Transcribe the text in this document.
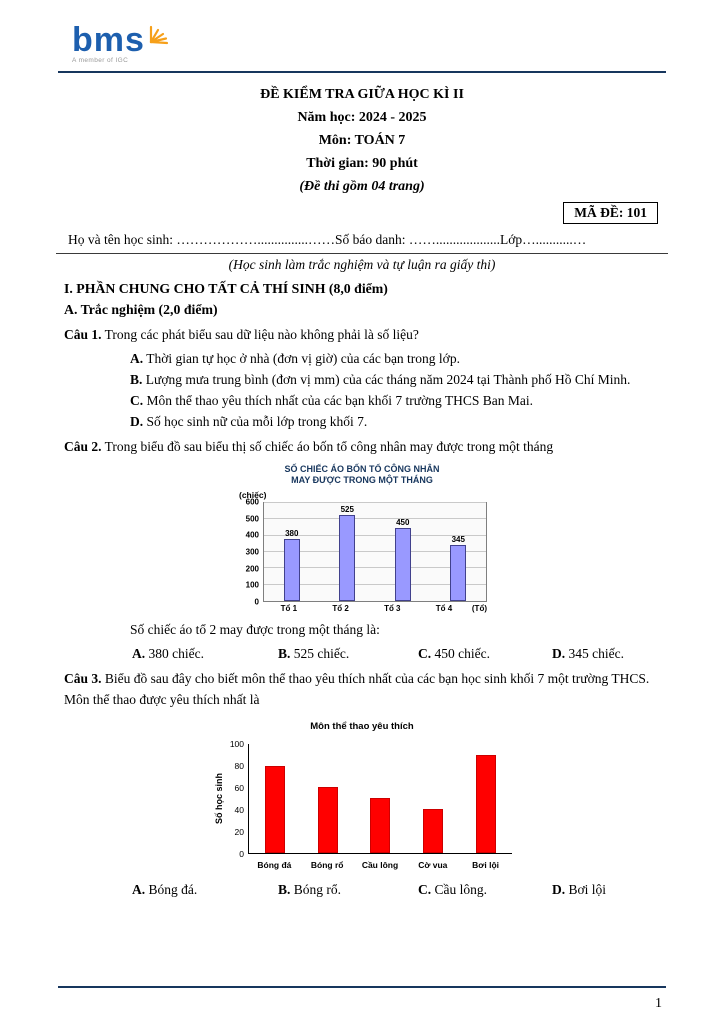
bms
A member of IGC
ĐỀ KIỂM TRA GIỮA HỌC KÌ II
Năm học: 2024 - 2025
Môn: TOÁN 7
Thời gian: 90 phút
(Đề thi gồm 04 trang)
MÃ ĐỀ: 101
Họ và tên học sinh: ………………...............……Số báo danh: ……...................Lớp…...........…
(Học sinh làm trắc nghiệm và tự luận ra giấy thi)
I. PHẦN CHUNG CHO TẤT CẢ THÍ SINH (8,0 điểm)
A. Trắc nghiệm (2,0 điểm)
Câu 1. Trong các phát biểu sau dữ liệu nào không phải là số liệu?
A. Thời gian tự học ở nhà (đơn vị giờ) của các bạn trong lớp.
B. Lượng mưa trung bình (đơn vị mm) của các tháng năm 2024 tại Thành phố Hồ Chí Minh.
C. Môn thể thao yêu thích nhất của các bạn khối 7 trường THCS Ban Mai.
D. Số học sinh nữ của mỗi lớp trong khối 7.
Câu 2. Trong biểu đồ sau biểu thị số chiếc áo bốn tổ công nhân may được trong một tháng
SỐ CHIẾC ÁO BỐN TỔ CÔNG NHÂN
MAY ĐƯỢC TRONG MỘT THÁNG
(chiếc)
0
100
200
300
400
500
600
380
525
450
345
Tổ 1	Tổ 2	Tổ 3	Tổ 4	(Tổ)
Số chiếc áo tổ 2 may được trong một tháng là:
A. 380 chiếc.	B. 525 chiếc.	C. 450 chiếc.	D. 345 chiếc.
Câu 3. Biểu đồ sau đây cho biết môn thể thao yêu thích nhất của các bạn học sinh khối 7 một trường THCS. Môn thể thao được yêu thích nhất là
Môn thể thao yêu thích
Số học sinh
0
20
40
60
80
100
Bóng đá	Bóng rổ	Cầu lông	Cờ vua	Bơi lội
A. Bóng đá.	B. Bóng rổ.	C. Cầu lông.	D. Bơi lội
1
